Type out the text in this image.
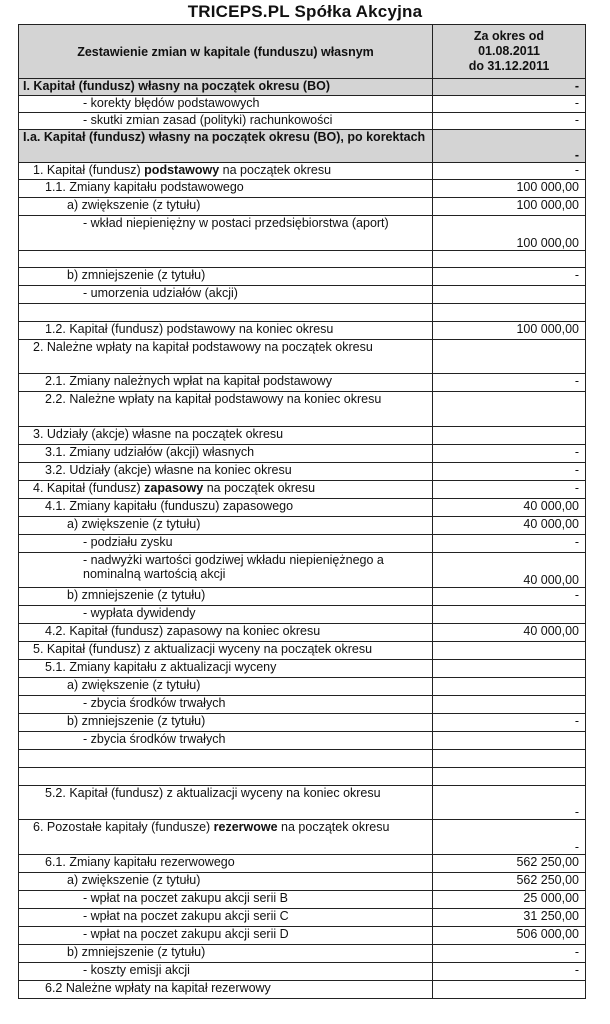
TRICEPS.PL Spółka Akcyjna
Zestawienie zmian w kapitale (funduszu) własnym	Za okres od
01.08.2011
do 31.12.2011

I. Kapitał (fundusz) własny na początek okresu (BO)	-
- korekty błędów podstawowych	-
- skutki zmian zasad (polityki) rachunkowości	-
I.a. Kapitał (fundusz) własny na początek okresu (BO), po korektach	-
1. Kapitał (fundusz) podstawowy na początek okresu	-
1.1. Zmiany kapitału podstawowego	100 000,00
a) zwiększenie (z tytułu)	100 000,00
- wkład niepieniężny w postaci przedsiębiorstwa (aport)	100 000,00

b) zmniejszenie (z tytułu)	-
- umorzenia udziałów (akcji)	

1.2. Kapitał (fundusz) podstawowy na koniec okresu	100 000,00
2. Należne wpłaty na kapitał podstawowy na początek okresu	
2.1. Zmiany należnych wpłat na kapitał podstawowy	-
2.2. Należne wpłaty na kapitał podstawowy na koniec okresu	
3. Udziały (akcje) własne na początek okresu	
3.1. Zmiany udziałów (akcji) własnych	-
3.2. Udziały (akcje) własne na koniec okresu	-
4. Kapitał (fundusz) zapasowy na początek okresu	-
4.1. Zmiany kapitału (funduszu) zapasowego	40 000,00
a) zwiększenie (z tytułu)	40 000,00
- podziału zysku	-
- nadwyżki wartości godziwej wkładu niepieniężnego a nominalną wartością akcji	40 000,00
b) zmniejszenie (z tytułu)	-
- wypłata dywidendy	
4.2. Kapitał (fundusz) zapasowy na koniec okresu	40 000,00
5. Kapitał (fundusz) z aktualizacji wyceny na początek okresu	
5.1. Zmiany kapitału z aktualizacji wyceny	
a) zwiększenie (z tytułu)	
- zbycia środków trwałych	
b) zmniejszenie (z tytułu)	-
- zbycia środków trwałych	

5.2. Kapitał (fundusz) z aktualizacji wyceny na koniec okresu	-
6. Pozostałe kapitały (fundusze) rezerwowe na początek okresu	-
6.1. Zmiany kapitału rezerwowego	562 250,00
a) zwiększenie (z tytułu)	562 250,00
- wpłat na poczet zakupu akcji serii B	25 000,00
- wpłat na poczet zakupu akcji serii C	31 250,00
- wpłat na poczet zakupu akcji serii D	506 000,00
b) zmniejszenie (z tytułu)	-
- koszty emisji akcji	-
6.2 Należne wpłaty na kapitał rezerwowy	
